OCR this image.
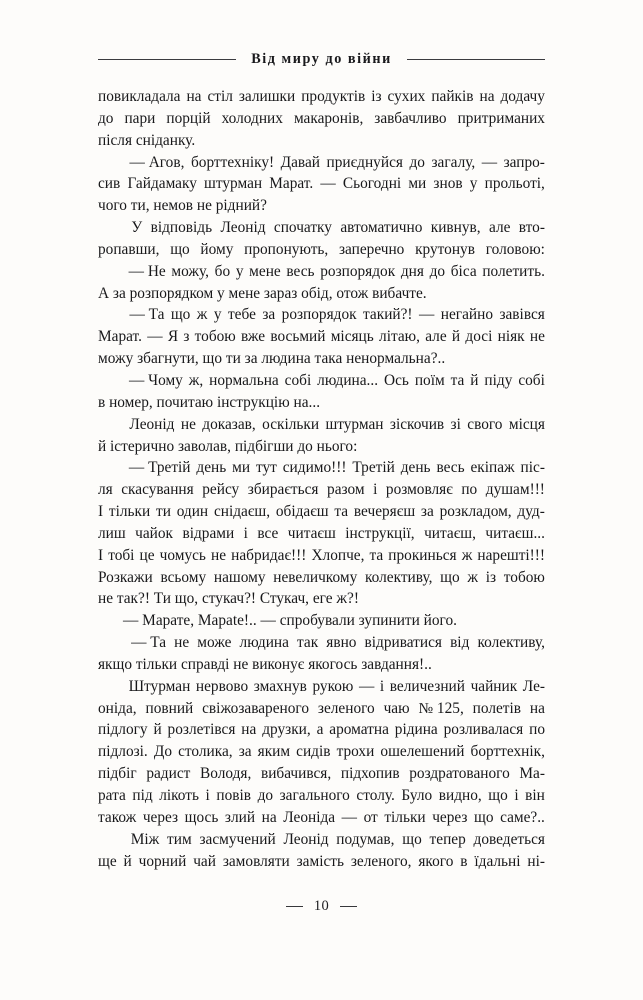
Від миру до війни

повикладала на стіл залишки продуктів із сухих пайків на додачу
до пари порцій холодних макаронів, завбачливо притриманих
після сніданку.

— Агов, борттехніку! Давай приєднуйся до загалу, — запро-
сив Гайдамаку штурман Марат. — Сьогодні ми знов у прольоті,
чого ти, немов не рідний?

У відповідь Леонід спочатку автоматично кивнув, але вто-
ропавши, що йому пропонують, заперечно крутонув головою:

— Не можу, бо у мене весь розпорядок дня до біса полетить.
А за розпорядком у мене зараз обід, отож вибачте.

— Та що ж у тебе за розпорядок такий?! — негайно завівся
Марат. — Я з тобою вже восьмий місяць літаю, але й досі ніяк не
можу збагнути, що ти за людина така ненормальна?..

— Чому ж, нормальна собі людина... Ось поїм та й піду собі
в номер, почитаю інструкцію на...

Леонід не доказав, оскільки штурман зіскочив зі свого місця
й істерично заволав, підбігши до нього:

— Третій день ми тут сидимо!!! Третій день весь екіпаж піс-
ля скасування рейсу збирається разом і розмовляє по душам!!!
І тільки ти один снідаєш, обідаєш та вечеряєш за розкладом, дуд-
лиш чайок відрами і все читаєш інструкції, читаєш, читаєш...
І тобі це чомусь не набридає!!! Хлопче, та прокинься ж нарешті!!!
Розкажи всьому нашому невеличкому колективу, що ж із тобою
не так?! Ти що, стукач?! Стукач, еге ж?!

— Марате, Мараte!.. — спробували зупинити його.

— Та не може людина так явно відриватися від колективу,
якщо тільки справді не виконує якогось завдання!..

Штурман нервово змахнув рукою — і величезний чайник Ле-
оніда, повний свіжозавареного зеленого чаю № 125, полетів на
підлогу й розлетівся на друзки, а ароматна рідина розливалася по
підлозі. До столика, за яким сидів трохи ошелешений борттехнік,
підбіг радист Володя, вибачився, підхопив роздратованого Ма-
рата під лікоть і повів до загального столу. Було видно, що і він
також через щось злий на Леоніда — от тільки через що саме?..

Між тим засмучений Леонід подумав, що тепер доведеться
ще й чорний чай замовляти замість зеленого, якого в їдальні ні-

10
